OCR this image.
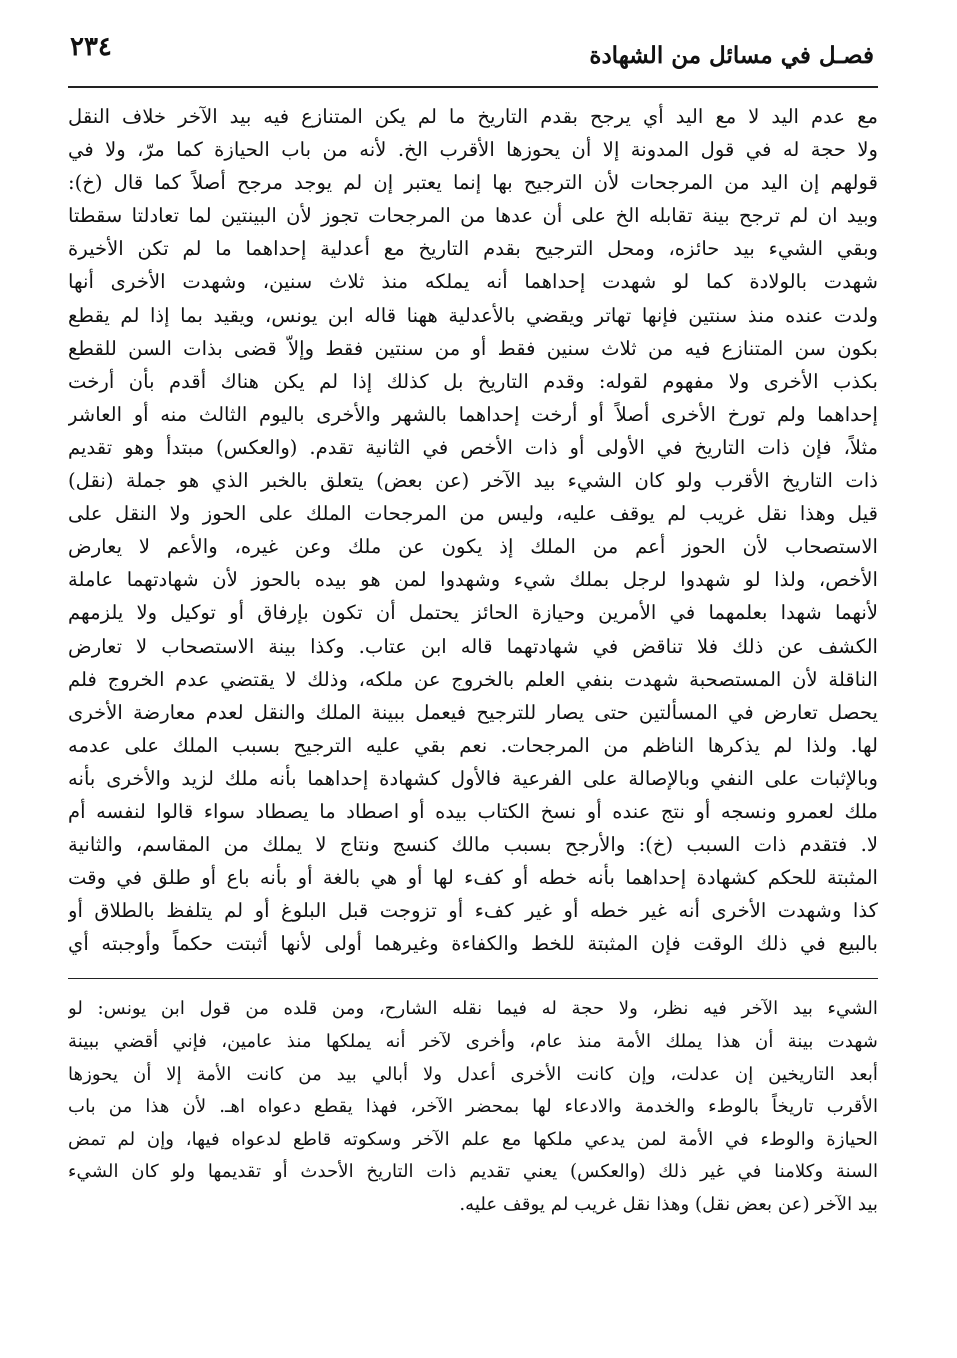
فصـل في مسائل من الشهادة
٢٣٤
مع عدم اليد لا مع اليد أي يرجح بقدم التاريخ ما لم يكن المتنازع فيه بيد الآخر خلاف النقل
ولا حجة له في قول المدونة إلا أن يحوزها الأقرب الخ. لأنه من باب الحيازة كما مرّ، ولا في
قولهم إن اليد من المرجحات لأن الترجيح بها إنما يعتبر إن لم يوجد مرجح أصلاً كما قال (خ):
وبيد ان لم ترجح بينة تقابله الخ على أن عدها من المرجحات تجوز لأن البينتين لما تعادلتا سقطتا
وبقي الشيء بيد حائزه، ومحل الترجيح بقدم التاريخ مع أعدلية إحداهما ما لم تكن الأخيرة
شهدت بالولادة كما لو شهدت إحداهما أنه يملكه منذ ثلاث سنين، وشهدت الأخرى أنها
ولدت عنده منذ سنتين فإنها تهاتر ويقضي بالأعدلية ههنا قاله ابن يونس، ويقيد بما إذا لم يقطع
بكون سن المتنازع فيه من ثلاث سنين فقط أو من سنتين فقط وإلاّ قضى بذات السن للقطع
بكذب الأخرى ولا مفهوم لقوله: وقدم التاريخ بل كذلك إذا لم يكن هناك أقدم بأن أرخت
إحداهما ولم تورخ الأخرى أصلاً أو أرخت إحداهما بالشهر والأخرى باليوم الثالث منه أو العاشر
مثلاً، فإن ذات التاريخ في الأولى أو ذات الأخص في الثانية تقدم. (والعكس) مبتدأ وهو تقديم
ذات التاريخ الأقرب ولو كان الشيء بيد الآخر (عن بعض) يتعلق بالخبر الذي هو جملة (نقل)
قيل وهذا نقل غريب لم يوقف عليه، وليس من المرجحات الملك على الحوز ولا النقل على
الاستصحاب لأن الحوز أعم من الملك إذ يكون عن ملك وعن غيره، والأعم لا يعارض
الأخص، ولذا لو شهدوا لرجل بملك شيء وشهدوا لمن هو بيده بالحوز لأن شهادتهما عاملة
لأنهما شهدا بعلمهما في الأمرين وحيازة الحائز يحتمل أن تكون بإرفاق أو توكيل ولا يلزمهم
الكشف عن ذلك فلا تناقض في شهادتهما قاله ابن عتاب. وكذا بينة الاستصحاب لا تعارض
الناقلة لأن المستصحبة شهدت بنفي العلم بالخروج عن ملكه، وذلك لا يقتضي عدم الخروج فلم
يحصل تعارض في المسألتين حتى يصار للترجيح فيعمل ببينة الملك والنقل لعدم معارضة الأخرى
لها. ولذا لم يذكرها الناظم من المرجحات. نعم بقي عليه الترجيح بسبب الملك على عدمه
وبالإثبات على النفي وبالإصالة على الفرعية فالأول كشهادة إحداهما بأنه ملك لزيد والأخرى بأنه
ملك لعمرو ونسجه أو نتج عنده أو نسخ الكتاب بيده أو اصطاد ما يصطاد سواء قالوا لنفسه أم
لا. فتقدم ذات السبب (خ): والأرجح بسبب مالك كنسج ونتاج لا يملك من المقاسم، والثانية
المثبتة للحكم كشهادة إحداهما بأنه خطه أو كفء لها أو هي بالغة أو بأنه باع أو طلق في وقت
كذا وشهدت الأخرى أنه غير خطه أو غير كفء أو تزوجت قبل البلوغ أو لم يتلفظ بالطلاق أو
بالبيع في ذلك الوقت فإن المثبتة للخط والكفاءة وغيرهما أولى لأنها أثبتت حكماً وأوجبته أي
الشيء بيد الآخر فيه نظر، ولا حجة له فيما نقله الشارح، ومن قلده من قول ابن يونس: لو
شهدت بينة أن هذا يملك الأمة منذ عام، وأخرى لآخر أنه يملكها منذ عامين، فإني أقضي ببينة
أبعد التاريخين إن عدلت، وإن كانت الأخرى أعدل ولا أبالي بيد من كانت الأمة إلا أن يحوزها
الأقرب تاريخاً بالوطء والخدمة والادعاء لها بمحضر الآخر، فهذا يقطع دعواه اهـ. لأن هذا من باب
الحيازة والوطء في الأمة لمن يدعي ملكها مع علم الآخر وسكوته قاطع لدعواه فيها، وإن لم تمض
السنة وكلامنا في غير ذلك (والعكس) يعني تقديم ذات التاريخ الأحدث أو تقديمها ولو كان الشيء
بيد الآخر (عن بعض نقل) وهذا نقل غريب لم يوقف عليه.
